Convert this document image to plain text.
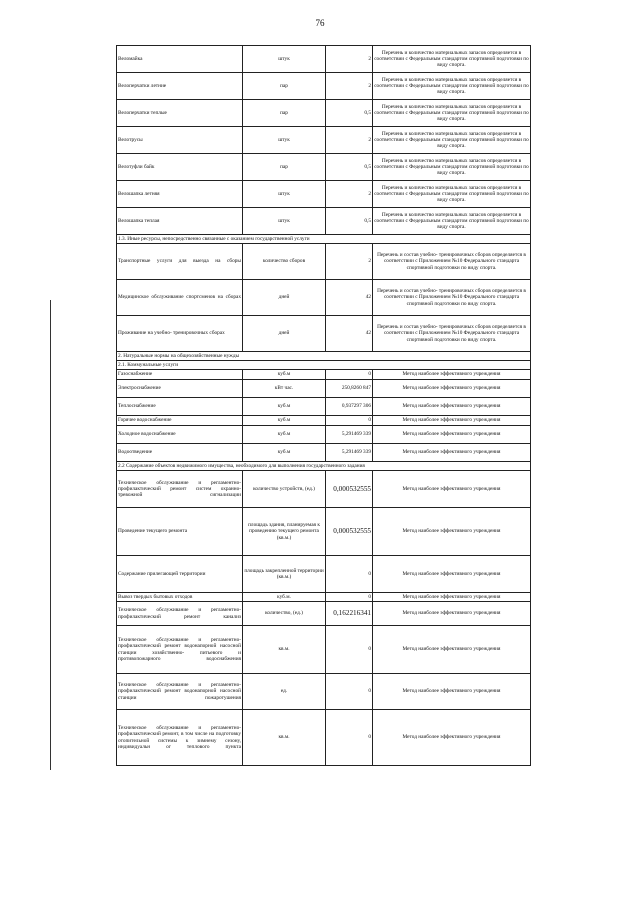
76
Веломайка	штук	2	Перечень и количество материальных запасов определяется в соответствии с Федеральным стандартом спортивной подготовки по виду спорта.
Велоперчатки летние	пар	2	Перечень и количество материальных запасов определяется в соответствии с Федеральным стандартом спортивной подготовки по виду спорта.
Велоперчатки теплые	пар	0,5	Перечень и количество материальных запасов определяется в соответствии с Федеральным стандартом спортивной подготовки по виду спорта.
Велотрусы	штук	2	Перечень и количество материальных запасов определяется в соответствии с Федеральным стандартом спортивной подготовки по виду спорта.
Велотуфли байк	пар	0,5	Перечень и количество материальных запасов определяется в соответствии с Федеральным стандартом спортивной подготовки по виду спорта.
Велошапка летняя	штук	2	Перечень и количество материальных запасов определяется в соответствии с Федеральным стандартом спортивной подготовки по виду спорта.
Велошапка теплая	штук	0,5	Перечень и количество материальных запасов определяется в соответствии с Федеральным стандартом спортивной подготовки по виду спорта.
1.3. Иные ресурсы, непосредственно связанные с оказанием государственной услуги			
Транспортные услуги для выезда на сборы	количество сборов	2	Перечень и состав учебно- тренировочных сборов определяется в соответствии с Приложением №10 Федерального стандарта спортивной подготовки по виду спорта.
Медицинское обслуживание спортсменов на сборах	дней	42	Перечень и состав учебно- тренировочных сборов определяется в соответствии с Приложением №10 Федерального стандарта спортивной подготовки по виду спорта.
Проживание на учебно- тренировочных сборах	дней	42	Перечень и состав учебно- тренировочных сборов определяется в соответствии с Приложением №10 Федерального стандарта спортивной подготовки по виду спорта.
2. Натуральные нормы на общехозяйственные нужды			
2.1. Коммунальные услуги			
Газоснабжение	куб.м	0	Метод наиболее эффективного учреждения
Электроснабжение	кВт час.	250,8260 847	Метод наиболее эффективного учреждения
Теплоснабжение	куб.м	0,937297 306	Метод наиболее эффективного учреждения
Горячее водоснабжение	куб.м	0	Метод наиболее эффективного учреждения
Холодное водоснабжение	куб.м	5,291469 339	Метод наиболее эффективного учреждения
Водоотведение	куб.м	5,291469 339	Метод наиболее эффективного учреждения
2.2 Содержание объектов недвижимого имущества, необходимого для выполнения государственного задания			
Техническое обслуживание и регламентно- профилактический ремонт систем охранно- тревожной сигнализации	количество устройств, (ед.)	0,000532555	Метод наиболее эффективного учреждения
Проведение текущего ремонта	площадь здания, планируемая к проведению текущего ремонта (кв.м.)	0,000532555	Метод наиболее эффективного учреждения
Содержание прилегающей территории	площадь закрепленной территории (кв.м.)	0	Метод наиболее эффективного учреждения
Вывоз твердых бытовых отходов	куб.м.	0	Метод наиболее эффективного учреждения
Техническое обслуживание и регламентно- профилактический ремонт канализ	количество, (ед.)	0,162216341	Метод наиболее эффективного учреждения
Техническое обслуживание и регламентно- профилактический ремонт водонапорной насосной станции хозяйственно- питьевого и противопожарного водоснабжения	кв.м.	0	Метод наиболее эффективного учреждения
Техническое обслуживание и регламентно- профилактический ремонт водонапорной насосной станции пожаротушения	ед.	0	Метод наиболее эффективного учреждения
Техническое обслуживание и регламентно- профилактический ремонт, в том числе на подготовку отопительной системы к зимнему сезону, индивидуальн ог теплового пункта	кв.м.	0	Метод наиболее эффективного учреждения
